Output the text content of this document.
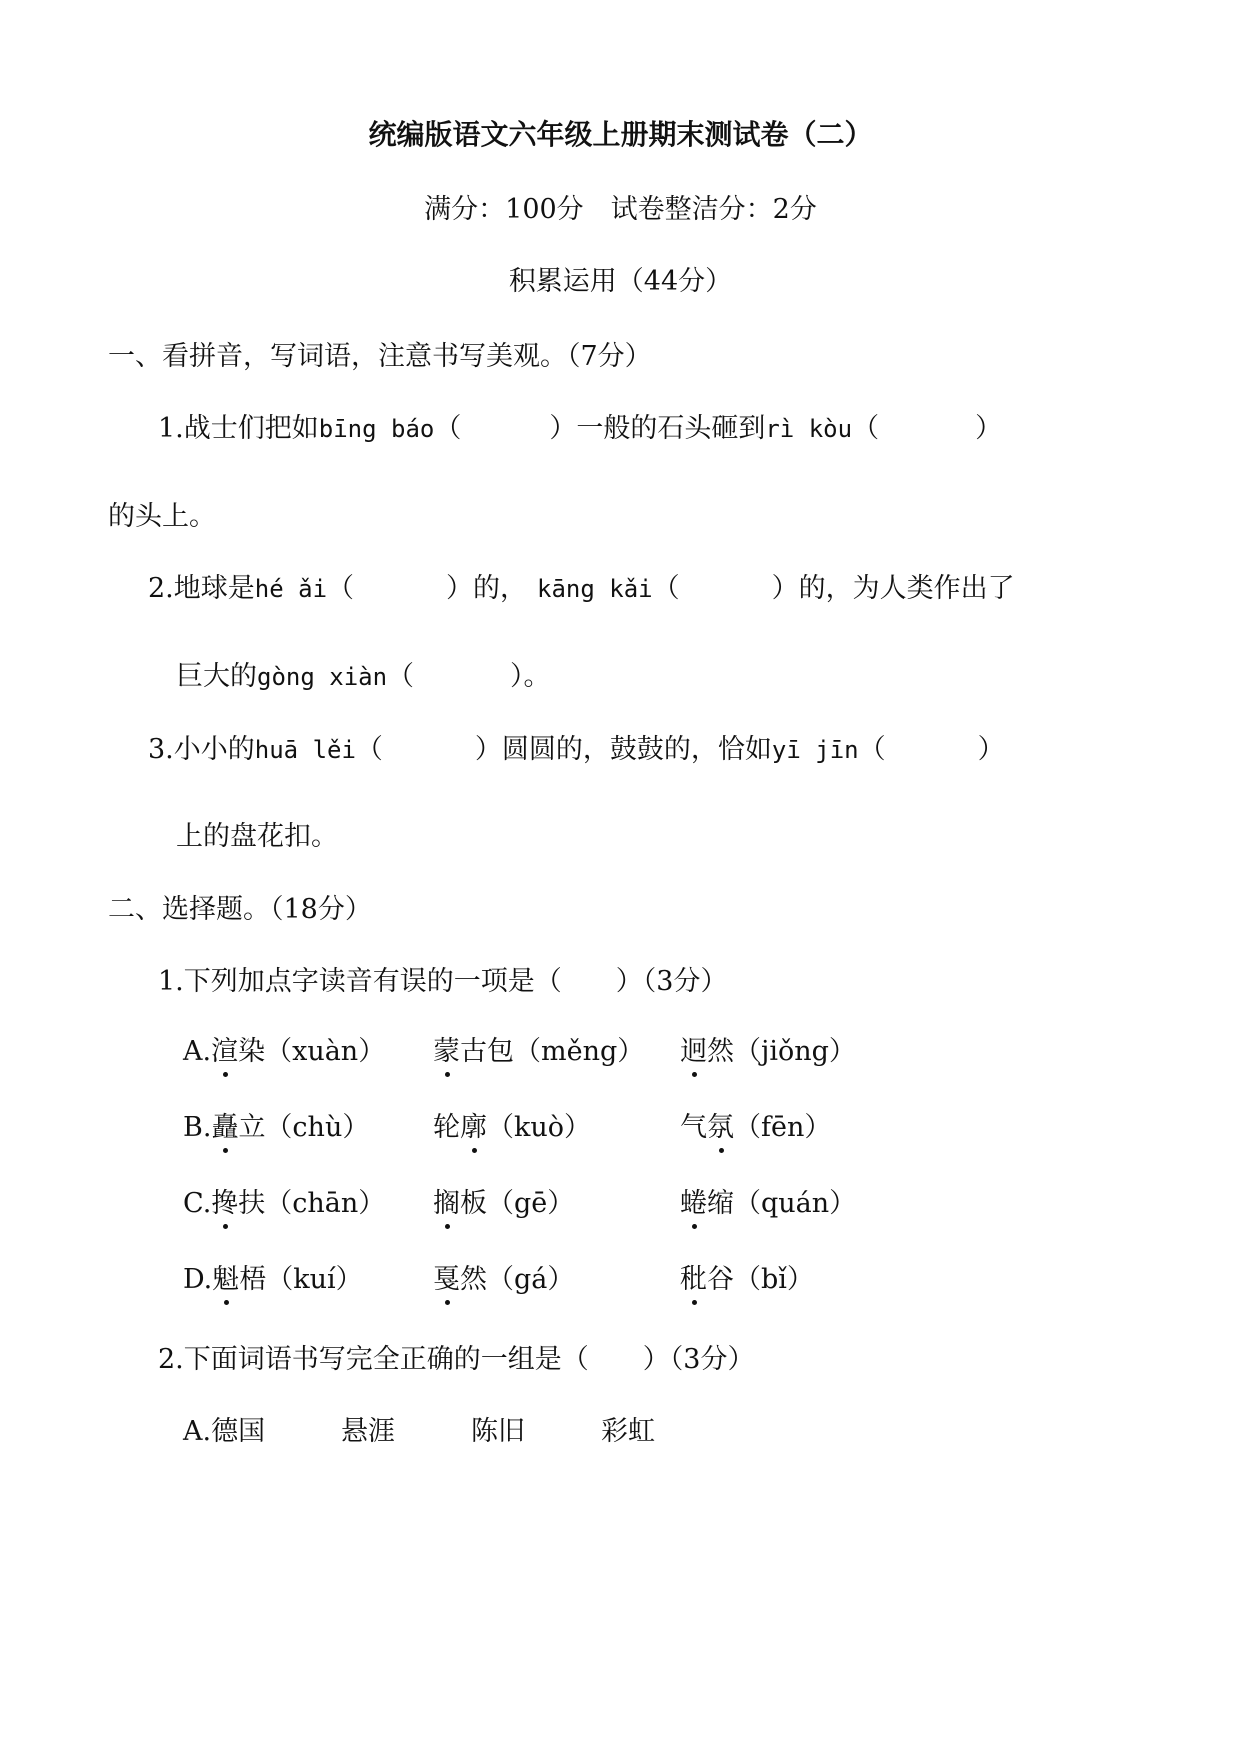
统编版语文六年级上册期末测试卷（二）
满分：100分　试卷整洁分：2分
积累运用（44分）
一、看拼音，写词语，注意书写美观。（7分）
1.战士们把如bīng báo（	）一般的石头砸到rì kòu（	）
的头上。
2.地球是hé ǎi（	）的， kāng kǎi（	）的，为人类作出了
巨大的gòng xiàn（	）。
3.小小的huā lěi（	）圆圆的，鼓鼓的，恰如yī jīn（	）
上的盘花扣。
二、选择题。（18分）
1.下列加点字读音有误的一项是（　　）（3分）
A.渲染（xuàn） 蒙古包（měng） 迥然（jiǒng）
B.矗立（chù） 轮廓（kuò）	气氛（fēn）
C.搀扶（chān） 搁板（gē）	蜷缩（quán）
D.魁梧（kuí）	戛然（gá）	秕谷（bǐ）
2.下面词语书写完全正确的一组是（　　）（3分）
A.德国	悬涯	陈旧	彩虹
